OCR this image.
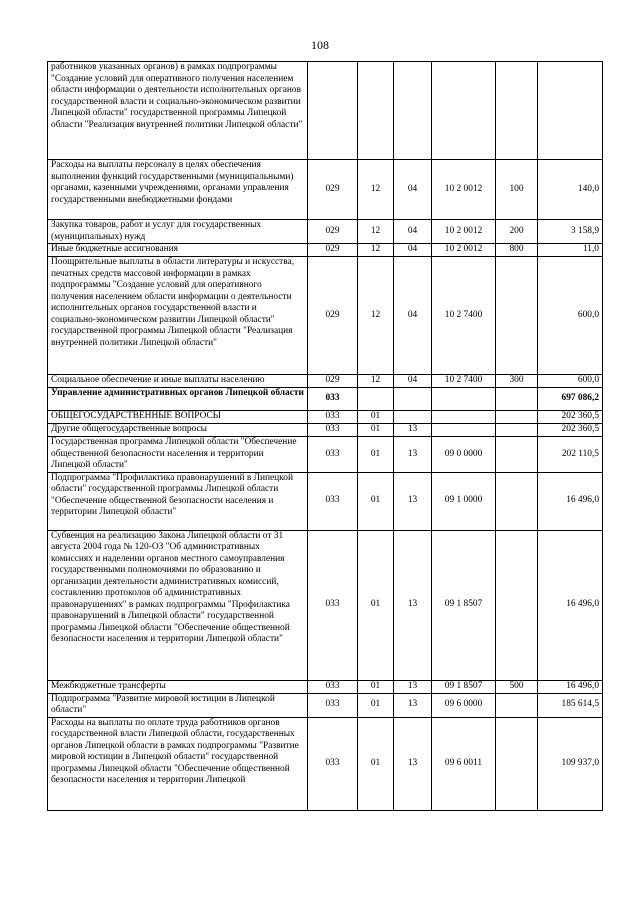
108
работников указанных органов) в рамках подпрограммы "Создание условий для оперативного получения населением области информации о деятельности исполнительных органов государственной власти и социально-экономическом развитии Липецкой области" государственной программы Липецкой области "Реализация внутренней политики Липецкой области"						
Расходы на выплаты персоналу в целях обеспечения выполнения функций государственными (муниципальными) органами, казенными учреждениями, органами управления государственными внебюджетными фондами	029	12	04	10 2 0012	100	140,0
Закупка товаров, работ и услуг для государственных (муниципальных) нужд	029	12	04	10 2 0012	200	3 158,9
Иные бюджетные ассигнования	029	12	04	10 2 0012	800	11,0
Поощрительные выплаты в области литературы и искусства, печатных средств массовой информации в рамках подпрограммы "Создание условий для оперативного получения населением области информации о деятельности исполнительных органов государственной власти и социально-экономическом развитии Липецкой области" государственной программы Липецкой области "Реализация внутренней политики Липецкой области"	029	12	04	10 2 7400		600,0
Социальное обеспечение и иные выплаты населению	029	12	04	10 2 7400	300	600,0
Управление административных органов Липецкой области	033					697 086,2
ОБЩЕГОСУДАРСТВЕННЫЕ ВОПРОСЫ	033	01				202 360,5
Другие общегосударственные вопросы	033	01	13			202 360,5
Государственная программа Липецкой области "Обеспечение общественной безопасности населения и территории Липецкой области"	033	01	13	09 0 0000		202 110,5
Подпрограмма "Профилактика правонарушений в Липецкой области" государственной программы Липецкой области "Обеспечение общественной безопасности населения и территории Липецкой области"	033	01	13	09 1 0000		16 496,0
Субвенция на реализацию Закона Липецкой области от 31 августа 2004 года № 120-ОЗ "Об административных комиссиях и наделении органов местного самоуправления государственными полномочиями по образованию и организации деятельности административных комиссий, составлению протоколов об административных правонарушениях" в рамках подпрограммы "Профилактика правонарушений в Липецкой области" государственной программы Липецкой области "Обеспечение общественной безопасности населения и территории Липецкой области"	033	01	13	09 1 8507		16 496,0
Межбюджетные трансферты	033	01	13	09 1 8507	500	16 496,0
Подпрограмма "Развитие мировой юстиции в Липецкой области"	033	01	13	09 6 0000		185 614,5
Расходы на выплаты по оплате труда работников органов государственной власти Липецкой области, государственных органов Липецкой области в рамках подпрограммы "Развитие мировой юстиции в Липецкой области" государственной программы Липецкой области "Обеспечение общественной безопасности населения и территории Липецкой	033	01	13	09 6 0011		109 937,0
